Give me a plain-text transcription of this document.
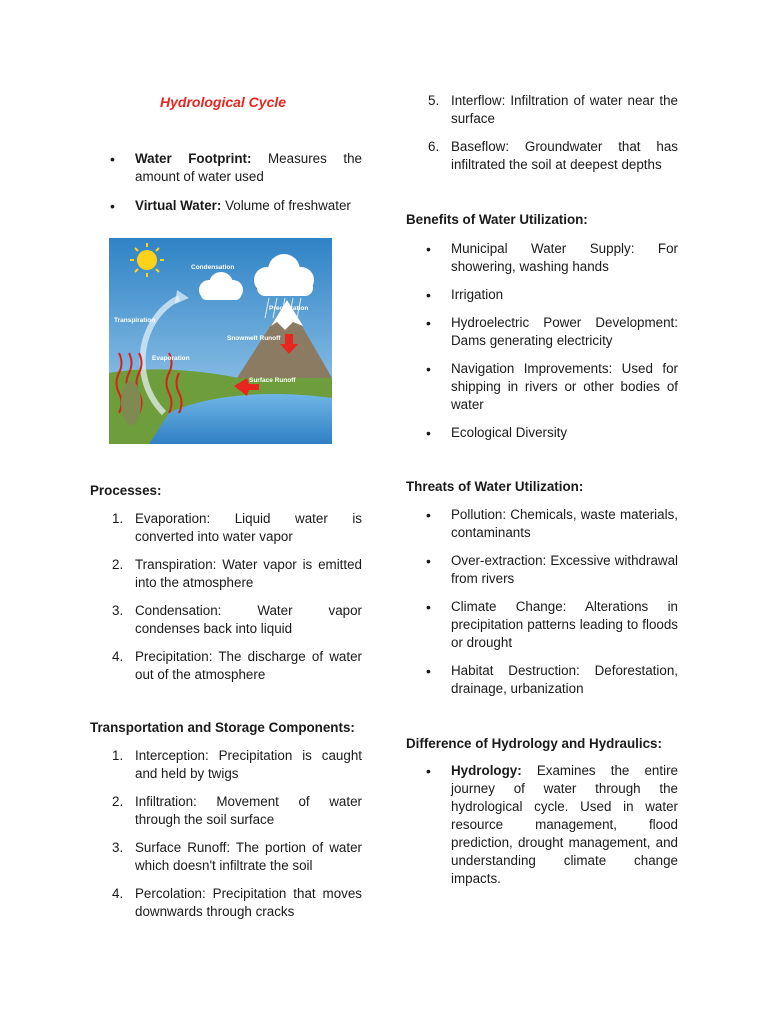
Hydrological Cycle
• Water Footprint: Measures the amount of water used
• Virtual Water: Volume of freshwater
Condensation
Precipitation
Transpiration
Snowmelt Runoff
Evaporation
Surface Runoff
Processes:
1. Evaporation: Liquid water is converted into water vapor
2. Transpiration: Water vapor is emitted into the atmosphere
3. Condensation: Water vapor condenses back into liquid
4. Precipitation: The discharge of water out of the atmosphere
Transportation and Storage Components:
1. Interception: Precipitation is caught and held by twigs
2. Infiltration: Movement of water through the soil surface
3. Surface Runoff: The portion of water which doesn't infiltrate the soil
4. Percolation: Precipitation that moves downwards through cracks
5. Interflow: Infiltration of water near the surface
6. Baseflow: Groundwater that has infiltrated the soil at deepest depths
Benefits of Water Utilization:
• Municipal Water Supply: For showering, washing hands
• Irrigation
• Hydroelectric Power Development: Dams generating electricity
• Navigation Improvements: Used for shipping in rivers or other bodies of water
• Ecological Diversity
Threats of Water Utilization:
• Pollution: Chemicals, waste materials, contaminants
• Over-extraction: Excessive withdrawal from rivers
• Climate Change: Alterations in precipitation patterns leading to floods or drought
• Habitat Destruction: Deforestation, drainage, urbanization
Difference of Hydrology and Hydraulics:
• Hydrology: Examines the entire journey of water through the hydrological cycle. Used in water resource management, flood prediction, drought management, and understanding climate change impacts.
